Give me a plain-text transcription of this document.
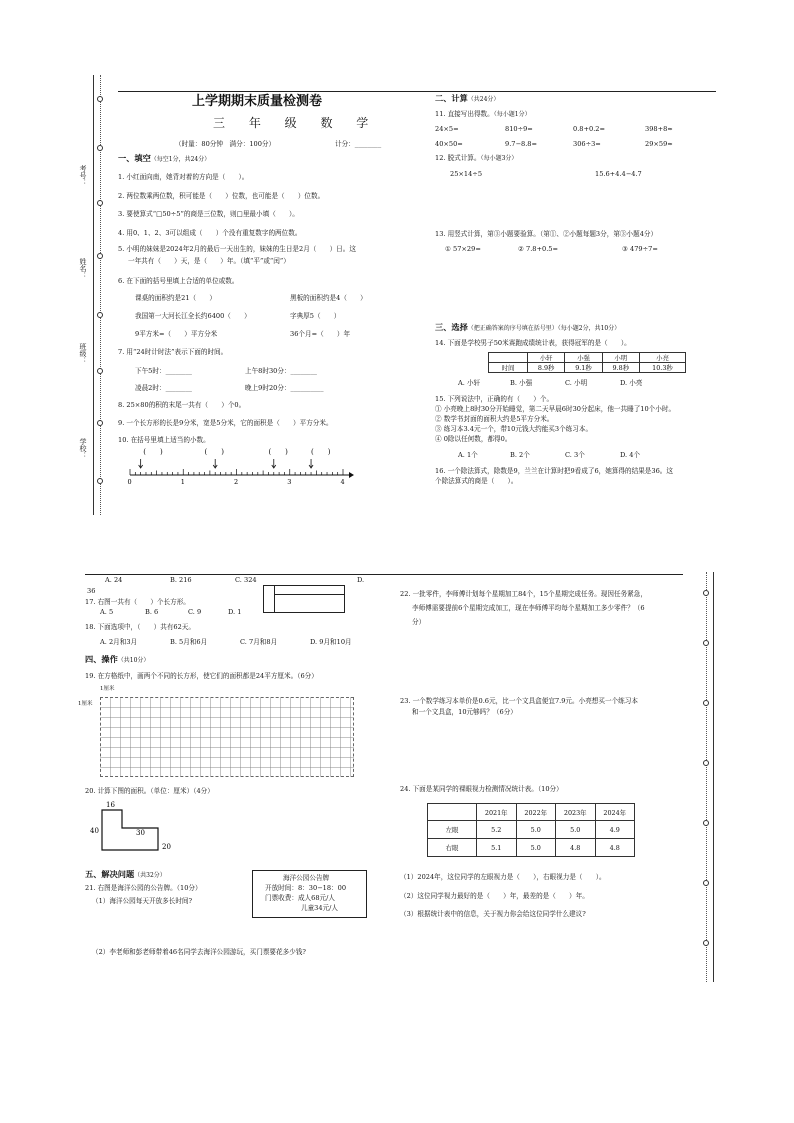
考号：
姓名：
班级：
学校：
上学期期末质量检测卷
三 年 级 数 学
（时量：80分钟　满分：100分）	计分：________
一、填空（每空1分，共24分）
1. 小红面向南，她背对着的方向是（　　）。
2. 两位数乘两位数，积可能是（　　）位数，也可能是（　　）位数。
3. 要使算式“□50÷5”的商是三位数，则□里最小填（　　）。
4. 用0、1、2、3可以组成（　　）个没有重复数字的两位数。
5. 小明的妹妹是2024年2月的最后一天出生的，妹妹的生日是2月（　　）日。这
一年共有（　　）天，是（　　）年。（填“平”或“闰”）
6. 在下面的括号里填上合适的单位或数。
课桌的面积约是21（　　）	黑板的面积约是4（　　）
我国第一大河长江全长约6400（　　）	字典厚5（　　）
9平方米=（　　）平方分米	36个月=（　　）年
7. 用“24时计时法”表示下面的时间。
下午5时：________	上午8时30分：________
凌晨2时：________	晚上9时20分：__________
8. 25×80的积的末尾一共有（　　）个0。
9. 一个长方形的长是9分米，宽是5分米，它的面积是（　　）平方分米。
10. 在括号里填上适当的小数。
0	1	2	3	4
(　　)	(　　)	(　　)	(　　)
二、计算（共24分）
11. 直接写出得数。（每小题1分）
24×5=	810÷9=	0.8+0.2=	398+8≈
40×50=	9.7−8.8=	306÷3=	29×59≈
12. 脱式计算。（每小题3分）
25×14÷5	15.6+4.4−4.7
13. 用竖式计算，第③小题要验算。（第①、②小题每题3分，第③小题4分）
① 57×29=	② 7.8+0.5=	③ 479÷7=
三、选择（把正确答案的序号填在括号里）（每小题2分，共10分）
14. 下面是学校男子50米赛跑成绩统计表，获得冠军的是（　　）。
	小轩	小强	小明	小亮
时间	8.9秒	9.1秒	9.8秒	10.3秒
A. 小轩	B. 小强	C. 小明	D. 小亮
15. 下列说法中，正确的有（　　）个。
① 小亮晚上8时30分开始睡觉，第二天早晨6时30分起床，他一共睡了10个小时。
② 数学书封面的面积大约是5平方分米。
③ 练习本3.4元一个，带10元钱大约能买3个练习本。
④ 0除以任何数，都得0。
A. 1个	B. 2个	C. 3个	D. 4个
16. 一个除法算式，除数是9，兰兰在计算时把9看成了6，她算得的结果是36。这
个除法算式的商是（　　）。
A. 24	B. 216	C. 324	D.
36
17. 右图一共有（　　）个长方形。
A. 5	B. 6	C. 9	D. 1
18. 下面选项中，（　　）共有62天。
A. 2月和3月	B. 5月和6月	C. 7月和8月	D. 9月和10月
四、操作（共10分）
19. 在方格纸中，画两个不同的长方形，使它们的面积都是24平方厘米。（6分）
1厘米
1厘米
20. 计算下图的面积。（单位：厘米）（4分）
16
40	30
20
五、解决问题（共32分）
21. 右图是海洋公园的公告牌。（10分）
（1）海洋公园每天开放多长时间?
海洋公园公告牌
开放时间：8：30−18：00
门票收费：成人68元/人
儿童34元/人
（2）李老师和彭老师带着46名同学去海洋公园游玩，买门票要花多少钱?
22. 一批零件，李师傅计划每个星期加工84个，15个星期完成任务。现因任务紧急，
李师傅需要提前6个星期完成加工，现在李师傅平均每个星期加工多少零件？（6
分）
23. 一个数学练习本单价是0.6元，比一个文具盒便宜7.9元。小亮想买一个练习本
和一个文具盒，10元够吗？（6分）
24. 下面是某同学的裸眼视力检测情况统计表。（10分）
	2021年	2022年	2023年	2024年
左眼	5.2	5.0	5.0	4.9
右眼	5.1	5.0	4.8	4.8
（1）2024年，这位同学的左眼视力是（　　），右眼视力是（　　）。
（2）这位同学视力最好的是（　　）年，最差的是（　　）年。
（3）根据统计表中的信息，关于视力你会给这位同学什么建议?
